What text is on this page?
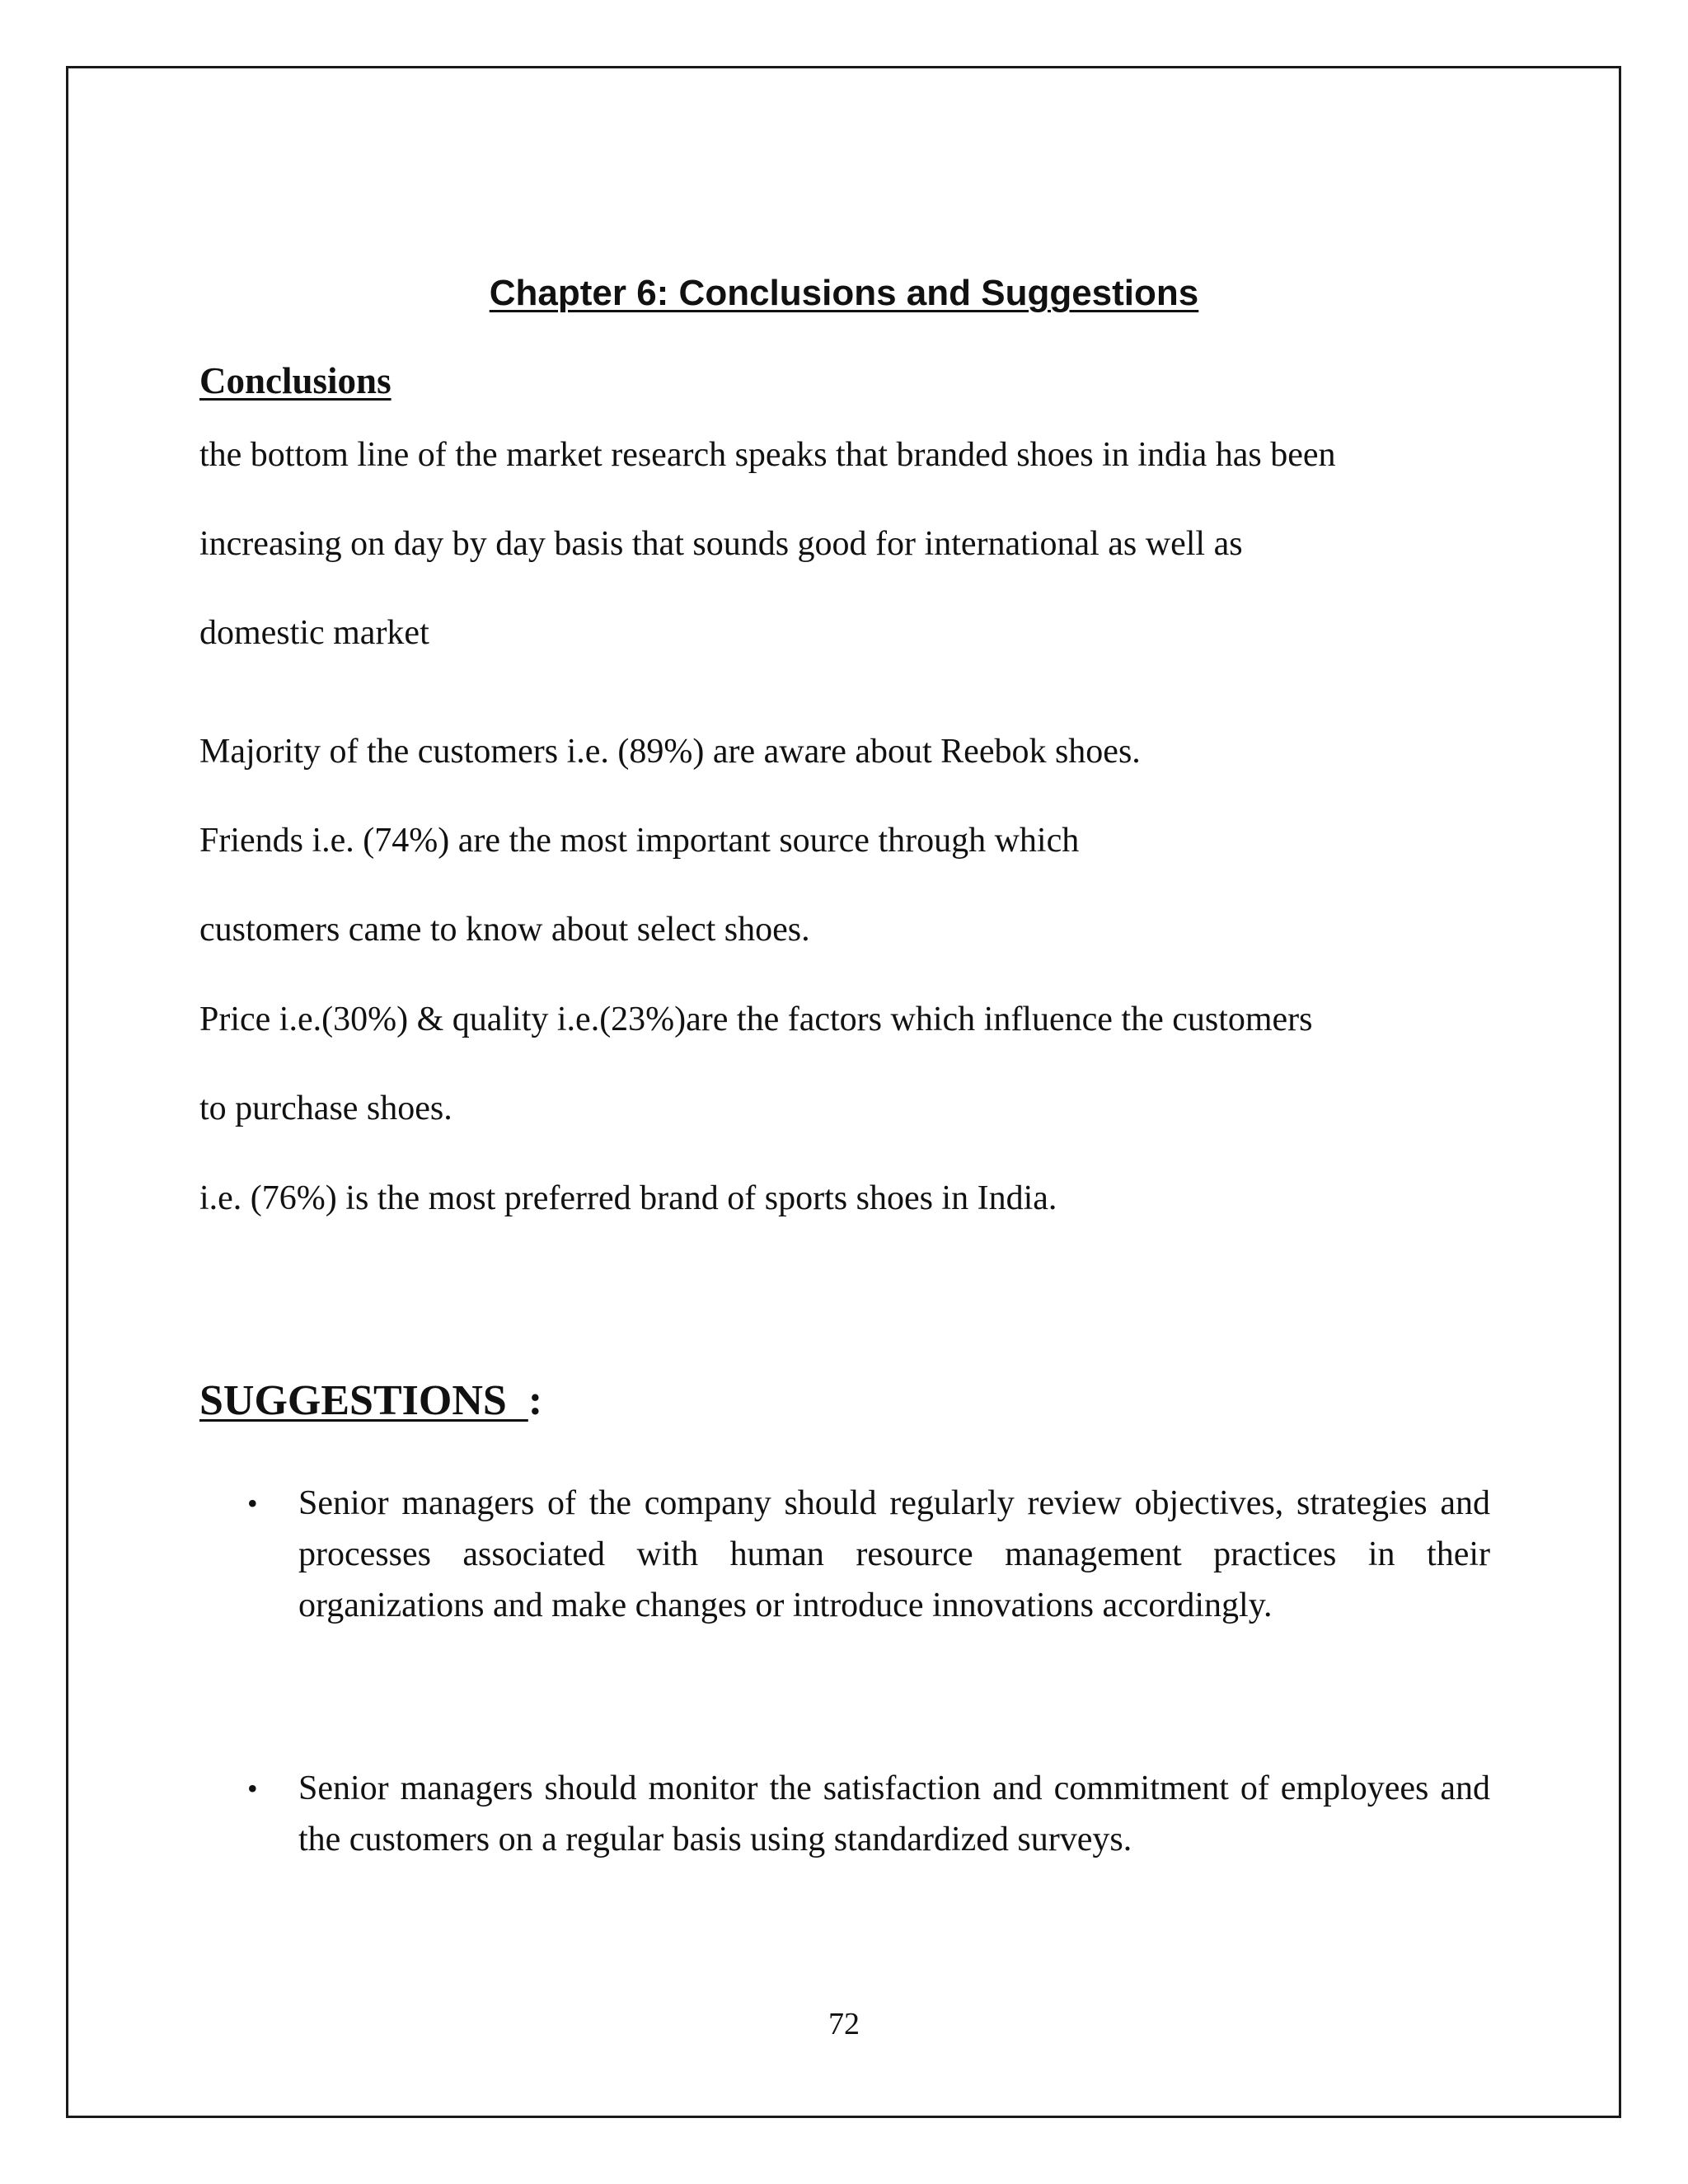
Chapter 6: Conclusions and Suggestions
Conclusions
the bottom line of the market research speaks that branded shoes in india has been
increasing on day by day basis that sounds good for international as well as
domestic market
Majority of the customers i.e. (89%) are aware about Reebok shoes.
Friends i.e. (74%) are the most important source through which
customers came to know about select shoes.
Price i.e.(30%) & quality i.e.(23%)are the factors which influence the customers
to purchase shoes.
i.e. (76%) is the most preferred brand of sports shoes in India.
SUGGESTIONS  :
• Senior managers of the company should regularly review objectives, strategies and processes associated with human resource management practices in their organizations and make changes or introduce innovations accordingly.
• Senior managers should monitor the satisfaction and commitment of employees and the customers on a regular basis using standardized surveys.
72
